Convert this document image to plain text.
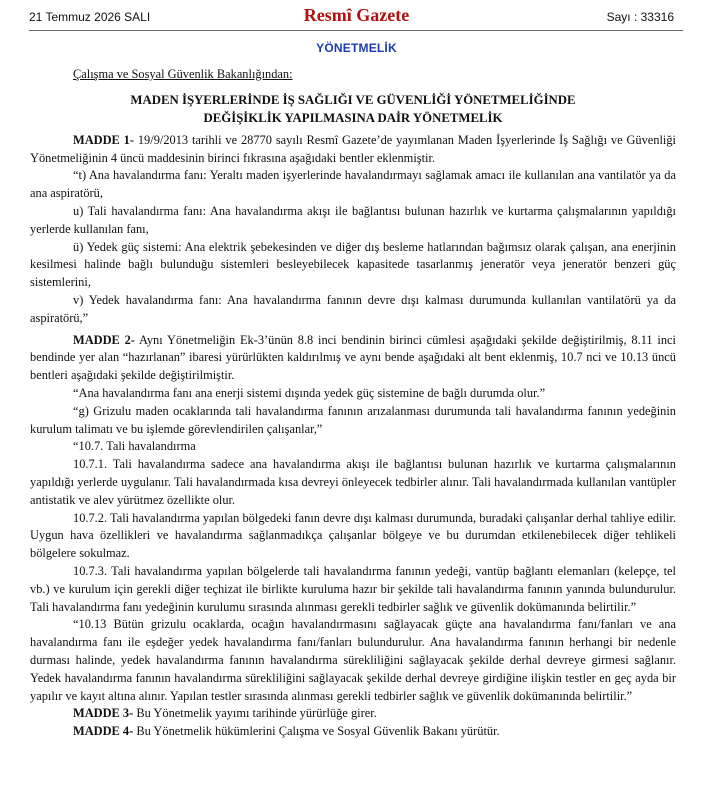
21 Temmuz 2026 SALI	Resmî Gazete	Sayı : 33316
YÖNETMELİK

Çalışma ve Sosyal Güvenlik Bakanlığından:

MADEN İŞYERLERİNDE İŞ SAĞLIĞI VE GÜVENLİĞİ YÖNETMELİĞİNDE
DEĞİŞİKLİK YAPILMASINA DAİR YÖNETMELİK

MADDE 1- 19/9/2013 tarihli ve 28770 sayılı Resmî Gazete’de yayımlanan Maden İşyerlerinde İş Sağlığı ve Güvenliği Yönetmeliğinin 4 üncü maddesinin birinci fıkrasına aşağıdaki bentler eklenmiştir.

“t) Ana havalandırma fanı: Yeraltı maden işyerlerinde havalandırmayı sağlamak amacı ile kullanılan ana vantilatör ya da ana aspiratörü,

u) Tali havalandırma fanı: Ana havalandırma akışı ile bağlantısı bulunan hazırlık ve kurtarma çalışmalarının yapıldığı yerlerde kullanılan fanı,

ü) Yedek güç sistemi: Ana elektrik şebekesinden ve diğer dış besleme hatlarından bağımsız olarak çalışan, ana enerjinin kesilmesi halinde bağlı bulunduğu sistemleri besleyebilecek kapasitede tasarlanmış jeneratör veya jeneratör benzeri güç sistemlerini,

v) Yedek havalandırma fanı: Ana havalandırma fanının devre dışı kalması durumunda kullanılan vantilatörü ya da aspiratörü,”

MADDE 2- Aynı Yönetmeliğin Ek-3’ünün 8.8 inci bendinin birinci cümlesi aşağıdaki şekilde değiştirilmiş, 8.11 inci bendinde yer alan “hazırlanan” ibaresi yürürlükten kaldırılmış ve aynı bende aşağıdaki alt bent eklenmiş, 10.7 nci ve 10.13 üncü bentleri aşağıdaki şekilde değiştirilmiştir.

“Ana havalandırma fanı ana enerji sistemi dışında yedek güç sistemine de bağlı durumda olur.”

“g) Grizulu maden ocaklarında tali havalandırma fanının arızalanması durumunda tali havalandırma fanının yedeğinin kurulum talimatı ve bu işlemde görevlendirilen çalışanlar,”

“10.7. Tali havalandırma

10.7.1. Tali havalandırma sadece ana havalandırma akışı ile bağlantısı bulunan hazırlık ve kurtarma çalışmalarının yapıldığı yerlerde uygulanır. Tali havalandırmada kısa devreyi önleyecek tedbirler alınır. Tali havalandırmada kullanılan vantüpler antistatik ve alev yürütmez özellikte olur.

10.7.2. Tali havalandırma yapılan bölgedeki fanın devre dışı kalması durumunda, buradaki çalışanlar derhal tahliye edilir. Uygun hava özellikleri ve havalandırma sağlanmadıkça çalışanlar bölgeye ve bu durumdan etkilenebilecek diğer tehlikeli bölgelere sokulmaz.

10.7.3. Tali havalandırma yapılan bölgelerde tali havalandırma fanının yedeği, vantüp bağlantı elemanları (kelepçe, tel vb.) ve kurulum için gerekli diğer teçhizat ile birlikte kuruluma hazır bir şekilde tali havalandırma fanının yanında bulundurulur. Tali havalandırma fanı yedeğinin kurulumu sırasında alınması gerekli tedbirler sağlık ve güvenlik dokümanında belirtilir.”

“10.13 Bütün grizulu ocaklarda, ocağın havalandırmasını sağlayacak güçte ana havalandırma fanı/fanları ve ana havalandırma fanı ile eşdeğer yedek havalandırma fanı/fanları bulundurulur. Ana havalandırma fanının herhangi bir nedenle durması halinde, yedek havalandırma fanının havalandırma sürekliliğini sağlayacak şekilde derhal devreye girmesi sağlanır. Yedek havalandırma fanının havalandırma sürekliliğini sağlayacak şekilde derhal devreye girdiğine ilişkin testler en geç ayda bir yapılır ve kayıt altına alınır. Yapılan testler sırasında alınması gerekli tedbirler sağlık ve güvenlik dokümanında belirtilir.”

MADDE 3- Bu Yönetmelik yayımı tarihinde yürürlüğe girer.

MADDE 4- Bu Yönetmelik hükümlerini Çalışma ve Sosyal Güvenlik Bakanı yürütür.
